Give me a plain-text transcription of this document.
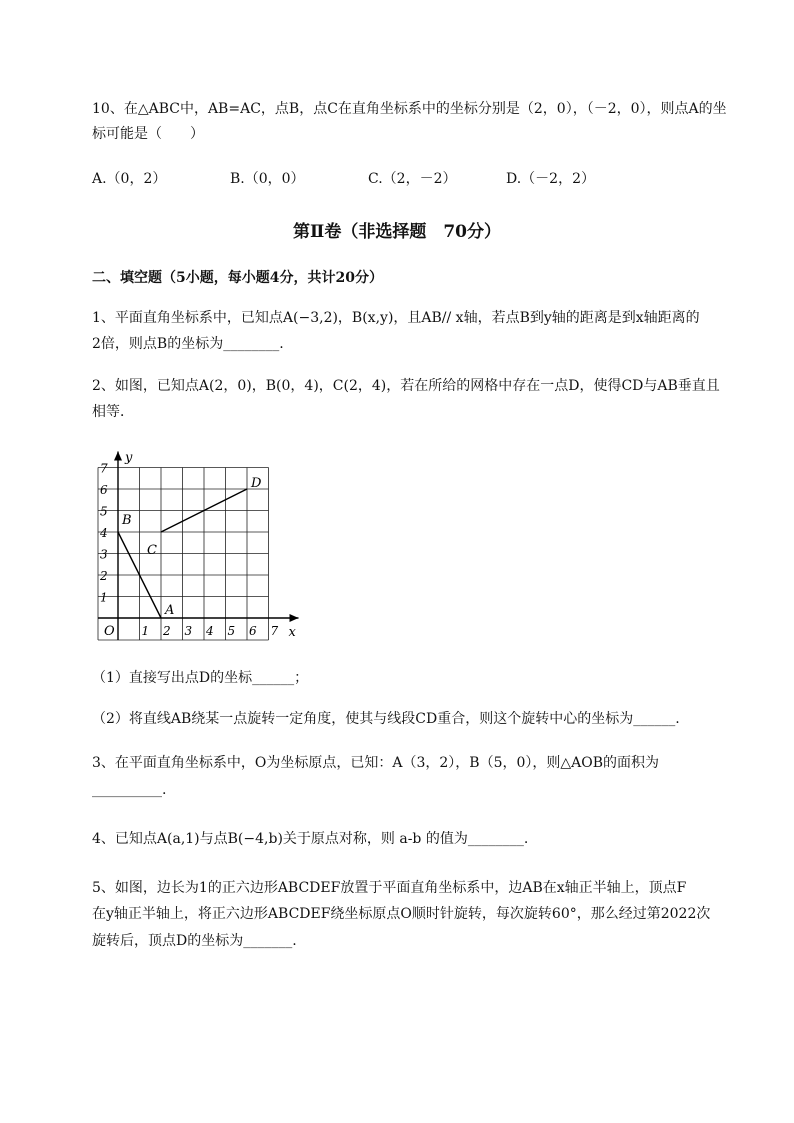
10、在△ABC中，AB=AC，点B，点C在直角坐标系中的坐标分别是（2，0），（－2，0），则点A的坐
标可能是（　　）
A.（0，2）	B.（0，0）	C.（2，－2）	D.（－2，2）
第Ⅱ卷（非选择题　70分）
二、填空题（5小题，每小题4分，共计20分）
1、平面直角坐标系中，已知点A(−3,2)，B(x,y)，且AB// x轴，若点B到y轴的距离是到x轴距离的
2倍，则点B的坐标为________.
2、如图，已知点A(2，0)，B(0，4)，C(2，4)，若在所给的网格中存在一点D，使得CD与AB垂直且
相等．
x
y
O 1 2 3 4 5 6 7
1
2
3
4
5
6
7
A
B
C
D
（1）直接写出点D的坐标______；
（2）将直线AB绕某一点旋转一定角度，使其与线段CD重合，则这个旋转中心的坐标为______.
3、在平面直角坐标系中，O为坐标原点，已知：A（3，2），B（5，0），则△AOB的面积为
__________.
4、已知点A(a,1)与点B(−4,b)关于原点对称，则 a-b 的值为________.
5、如图，边长为1的正六边形ABCDEF放置于平面直角坐标系中，边AB在x轴正半轴上，顶点F
在y轴正半轴上，将正六边形ABCDEF绕坐标原点O顺时针旋转，每次旋转60°，那么经过第2022次
旋转后，顶点D的坐标为_______.
